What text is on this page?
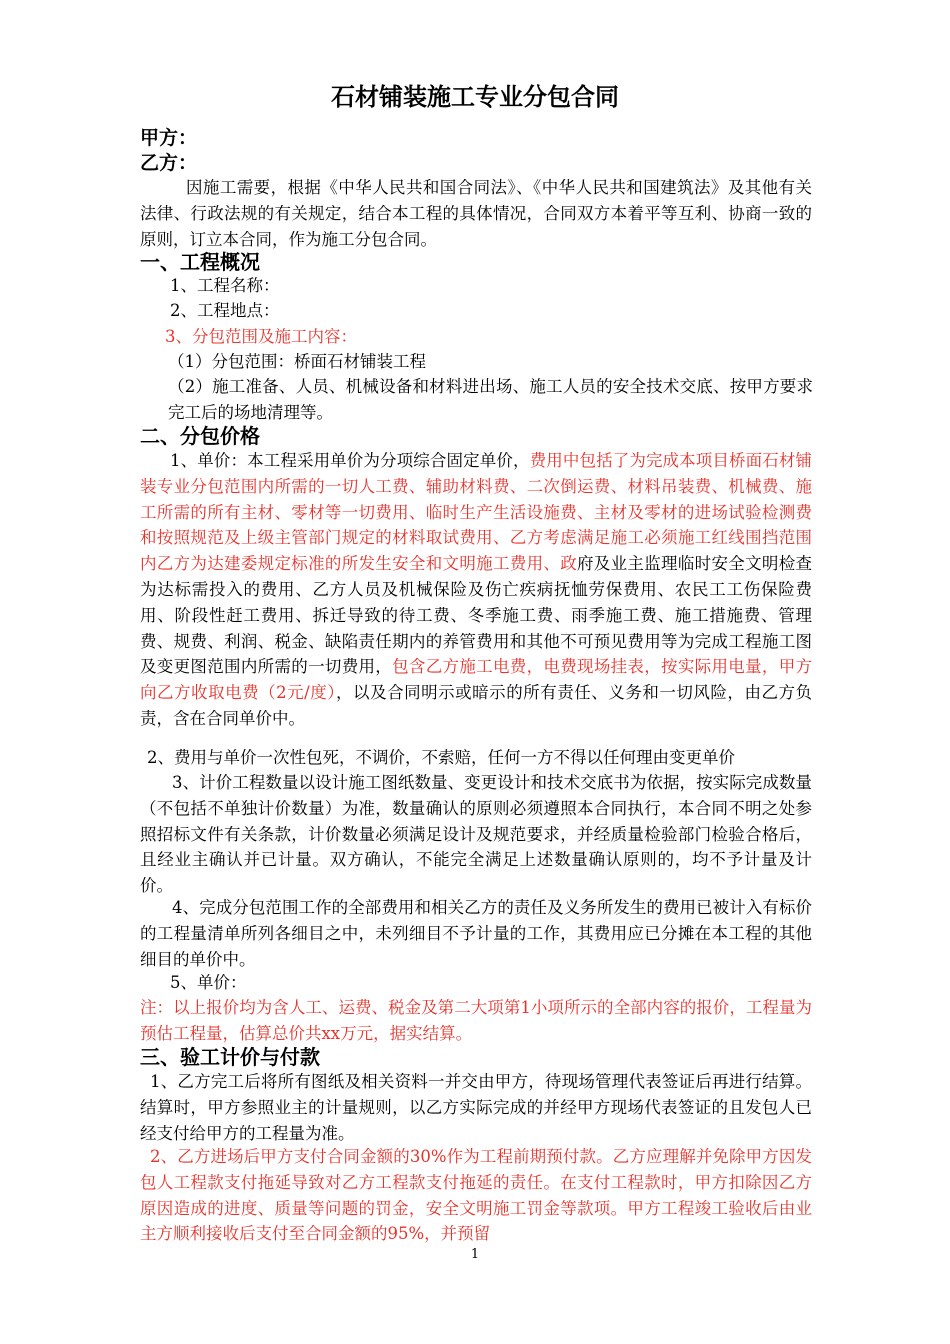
石材铺装施工专业分包合同
甲方：
乙方：

因施工需要，根据《中华人民共和国合同法》、《中华人民共和国建筑法》及其他有关法律、行政法规的有关规定，结合本工程的具体情况，合同双方本着平等互利、协商一致的原则，订立本合同，作为施工分包合同。

一、工程概况

1、工程名称：

2、工程地点：

3、分包范围及施工内容：

（1）分包范围：桥面石材铺装工程

（2）施工准备、人员、机械设备和材料进出场、施工人员的安全技术交底、按甲方要求完工后的场地清理等。

二、分包价格

1、单价：本工程采用单价为分项综合固定单价，费用中包括了为完成本项目桥面石材铺装专业分包范围内所需的一切人工费、辅助材料费、二次倒运费、材料吊装费、机械费、施工所需的所有主材、零材等一切费用、临时生产生活设施费、主材及零材的进场试验检测费和按照规范及上级主管部门规定的材料取试费用、乙方考虑满足施工必须施工红线围挡范围内乙方为达建委规定标准的所发生安全和文明施工费用、政府及业主监理临时安全文明检查为达标需投入的费用、乙方人员及机械保险及伤亡疾病抚恤劳保费用、农民工工伤保险费用、阶段性赶工费用、拆迁导致的待工费、冬季施工费、雨季施工费、施工措施费、管理费、规费、利润、税金、缺陷责任期内的养管费用和其他不可预见费用等为完成工程施工图及变更图范围内所需的一切费用，包含乙方施工电费，电费现场挂表，按实际用电量，甲方向乙方收取电费（2元/度），以及合同明示或暗示的所有责任、义务和一切风险，由乙方负责，含在合同单价中。

2、费用与单价一次性包死，不调价，不索赔，任何一方不得以任何理由变更单价

3、计价工程数量以设计施工图纸数量、变更设计和技术交底书为依据，按实际完成数量（不包括不单独计价数量）为准，数量确认的原则必须遵照本合同执行，本合同不明之处参照招标文件有关条款，计价数量必须满足设计及规范要求，并经质量检验部门检验合格后，且经业主确认并已计量。双方确认，不能完全满足上述数量确认原则的，均不予计量及计价。

4、完成分包范围工作的全部费用和相关乙方的责任及义务所发生的费用已被计入有标价的工程量清单所列各细目之中，未列细目不予计量的工作，其费用应已分摊在本工程的其他细目的单价中。

5、单价：

注：以上报价均为含人工、运费、税金及第二大项第1小项所示的全部内容的报价，工程量为预估工程量，估算总价共xx万元，据实结算。

三、验工计价与付款

1、乙方完工后将所有图纸及相关资料一并交由甲方，待现场管理代表签证后再进行结算。结算时，甲方参照业主的计量规则，以乙方实际完成的并经甲方现场代表签证的且发包人已经支付给甲方的工程量为准。

2、乙方进场后甲方支付合同金额的30%作为工程前期预付款。乙方应理解并免除甲方因发包人工程款支付拖延导致对乙方工程款支付拖延的责任。在支付工程款时，甲方扣除因乙方原因造成的进度、质量等问题的罚金，安全文明施工罚金等款项。甲方工程竣工验收后由业主方顺利接收后支付至合同金额的95%，并预留

1
